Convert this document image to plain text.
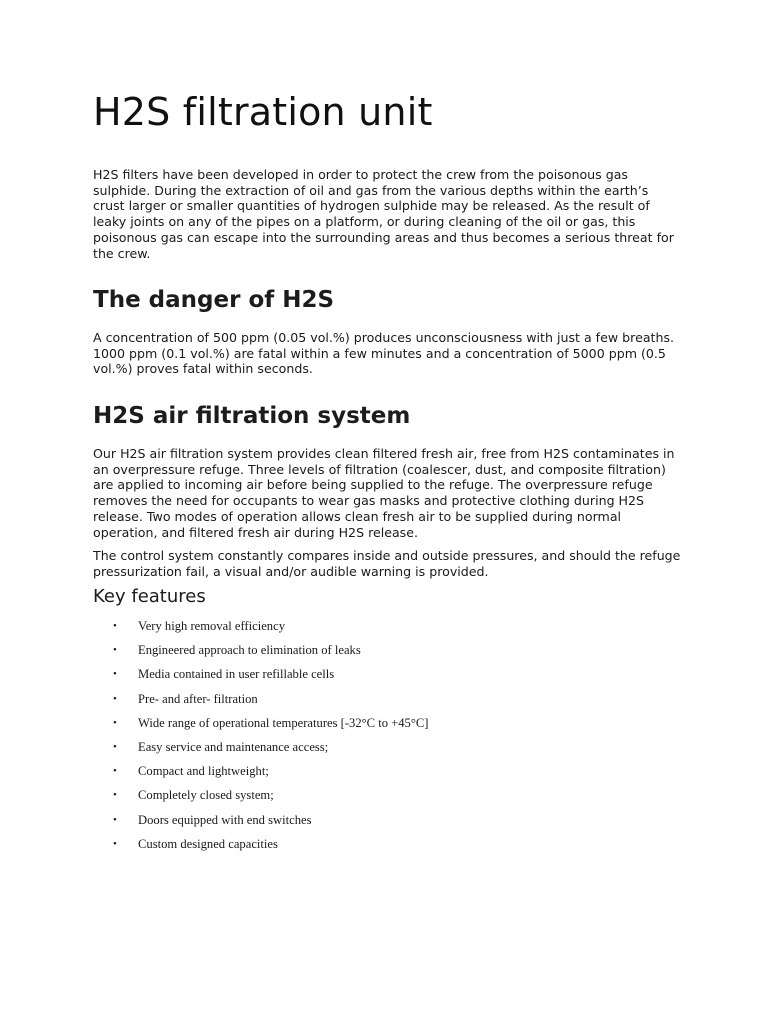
H2S filtration unit

H2S filters have been developed in order to protect the crew from the poisonous gas sulphide. During the extraction of oil and gas from the various depths within the earth’s crust larger or smaller quantities of hydrogen sulphide may be released. As the result of leaky joints on any of the pipes on a platform, or during cleaning of the oil or gas, this poisonous gas can escape into the surrounding areas and thus becomes a serious threat for the crew.

The danger of H2S

A concentration of 500 ppm (0.05 vol.%) produces unconsciousness with just a few breaths. 1000 ppm (0.1 vol.%) are fatal within a few minutes and a concentration of 5000 ppm (0.5 vol.%) proves fatal within seconds.

H2S air filtration system

Our H2S air filtration system provides clean filtered fresh air, free from H2S contaminates in an overpressure refuge. Three levels of filtration (coalescer, dust, and composite filtration) are applied to incoming air before being supplied to the refuge. The overpressure refuge removes the need for occupants to wear gas masks and protective clothing during H2S release. Two modes of operation allows clean fresh air to be supplied during normal operation, and filtered fresh air during H2S release.

The control system constantly compares inside and outside pressures, and should the refuge pressurization fail, a visual and/or audible warning is provided.

Key features
• Very high removal efficiency
• Engineered approach to elimination of leaks
• Media contained in user refillable cells
• Pre- and after- filtration
• Wide range of operational temperatures [-32°C to +45°C]
• Easy service and maintenance access;
• Compact and lightweight;
• Completely closed system;
• Doors equipped with end switches
• Custom designed capacities
